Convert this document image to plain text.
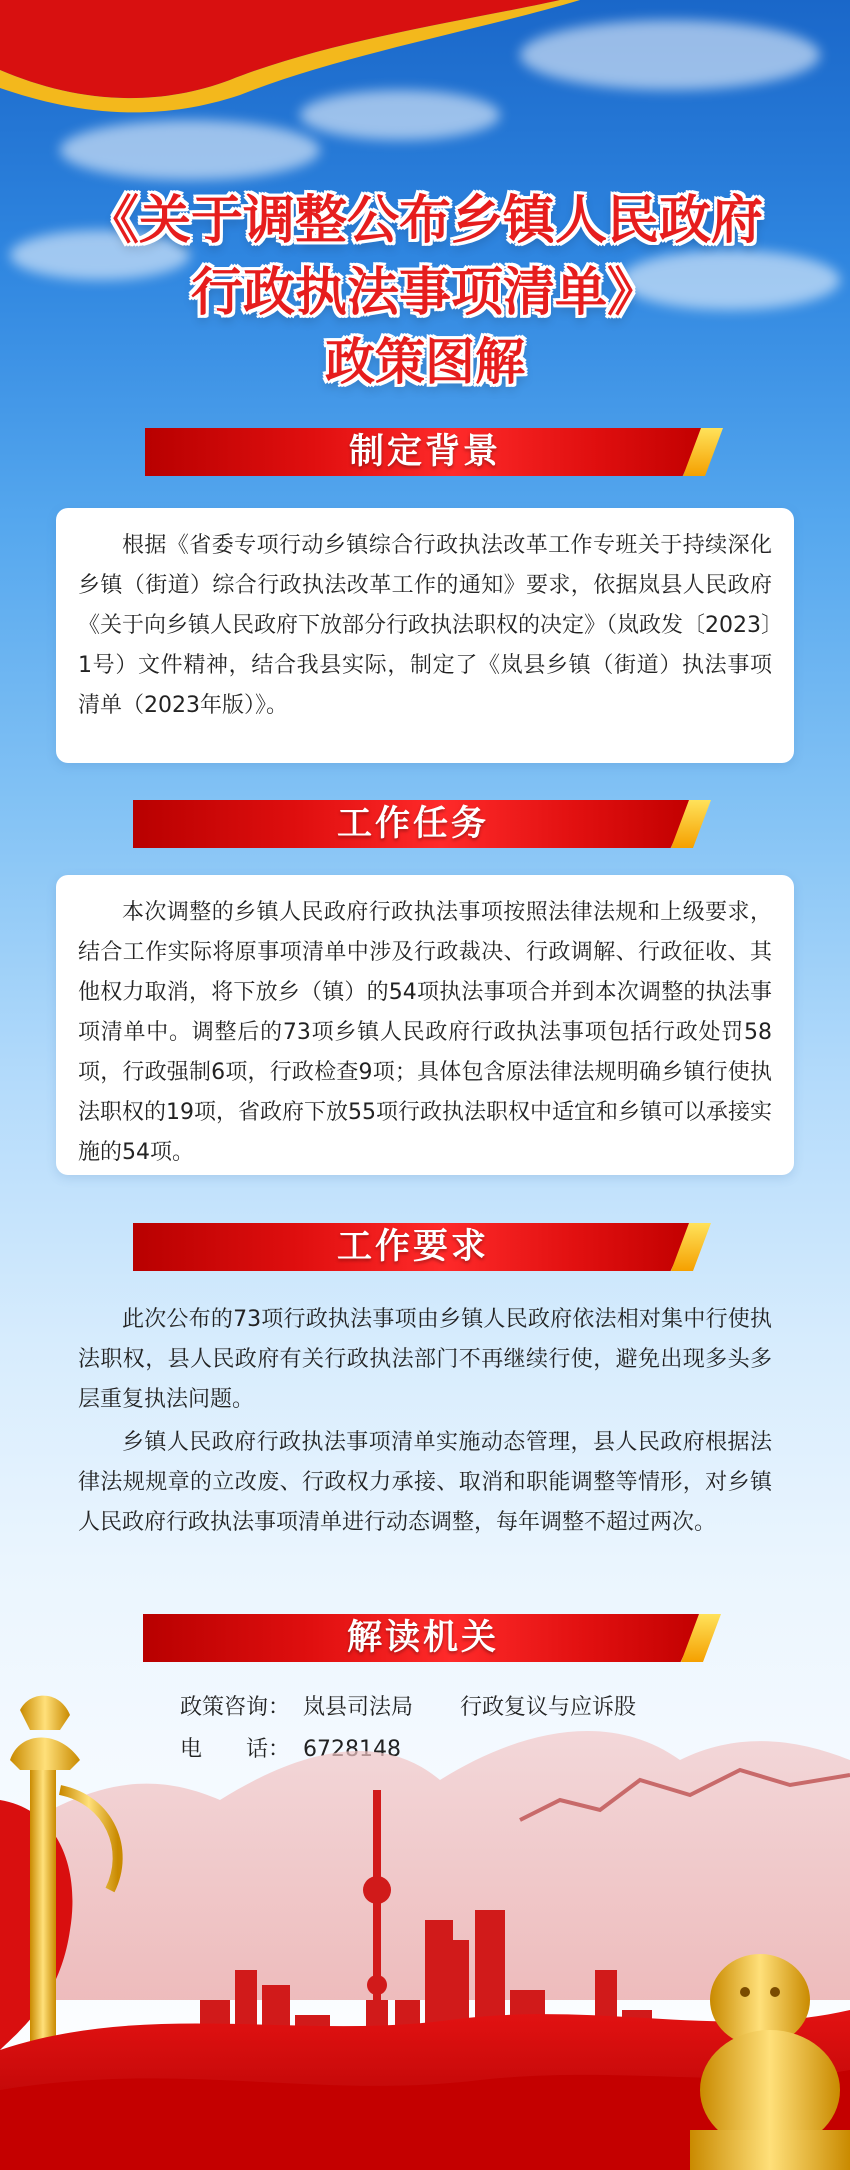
《关于调整公布乡镇人民政府
行政执法事项清单》
政策图解
制定背景

根据《省委专项行动乡镇综合行政执法改革工作专班关于持续深化乡镇（街道）综合行政执法改革工作的通知》要求，依据岚县人民政府《关于向乡镇人民政府下放部分行政执法职权的决定》（岚政发〔2023〕1号）文件精神，结合我县实际，制定了《岚县乡镇（街道）执法事项清单（2023年版）》。

工作任务

本次调整的乡镇人民政府行政执法事项按照法律法规和上级要求，结合工作实际将原事项清单中涉及行政裁决、行政调解、行政征收、其他权力取消，将下放乡（镇）的54项执法事项合并到本次调整的执法事项清单中。调整后的73项乡镇人民政府行政执法事项包括行政处罚58项，行政强制6项，行政检查9项；具体包含原法律法规明确乡镇行使执法职权的19项，省政府下放55项行政执法职权中适宜和乡镇可以承接实施的54项。

工作要求

此次公布的73项行政执法事项由乡镇人民政府依法相对集中行使执法职权，县人民政府有关行政执法部门不再继续行使，避免出现多头多层重复执法问题。

乡镇人民政府行政执法事项清单实施动态管理，县人民政府根据法律法规规章的立改废、行政权力承接、取消和职能调整等情形，对乡镇人民政府行政执法事项清单进行动态调整，每年调整不超过两次。

解读机关
政策咨询： 岚县司法局 行政复议与应诉股
电　　话： 6728148
